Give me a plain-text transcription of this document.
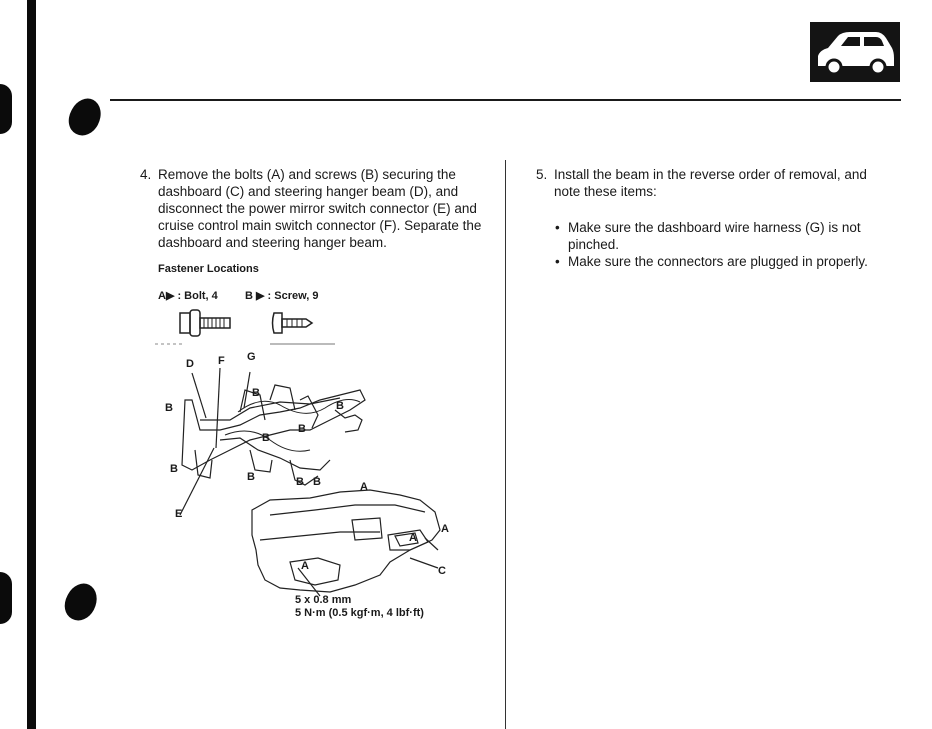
4. Remove the bolts (A) and screws (B) securing the dashboard (C) and steering hanger beam (D), and disconnect the power mirror switch connector (E) and cruise control main switch connector (F). Separate the dashboard and steering hanger beam.
5. Install the beam in the reverse order of removal, and note these items:
• Make sure the dashboard wire harness (G) is not pinched.
• Make sure the connectors are plugged in properly.
Fastener Locations
A▶ : Bolt, 4 B ▶ : Screw, 9
D F G
B
B
B
B
B
B
B	B B	A
A
A
A	C
E
5 x 0.8 mm
5 N·m (0.5 kgf·m, 4 lbf·ft)
